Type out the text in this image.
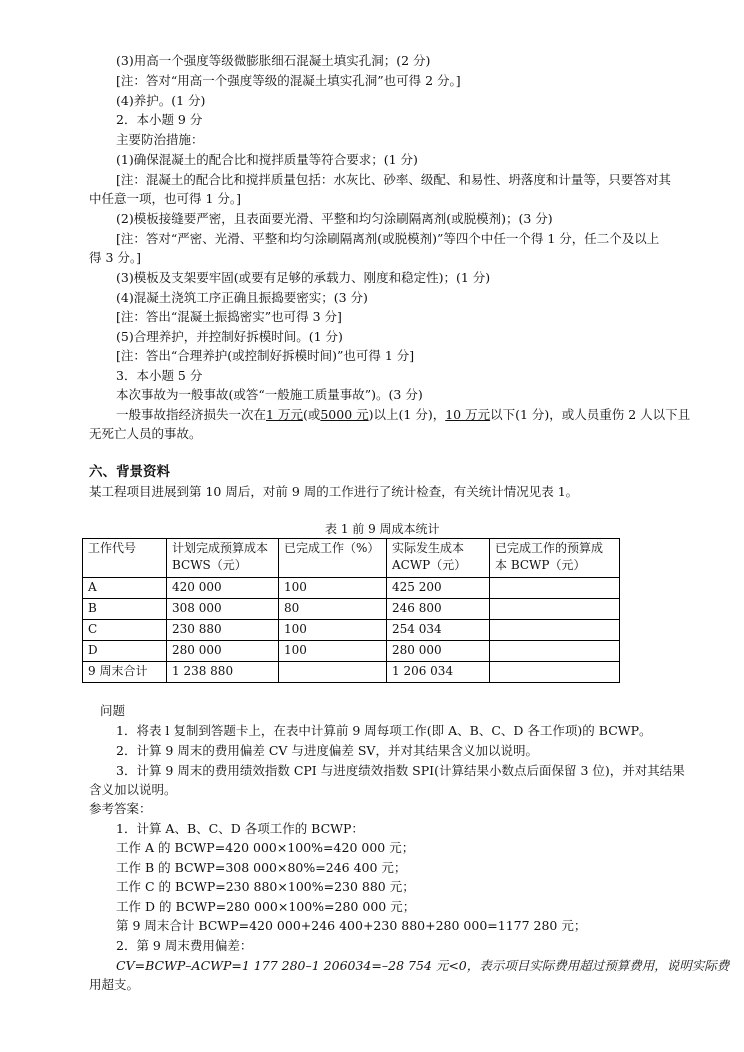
(3)用高一个强度等级微膨胀细石混凝土填实孔洞；(2 分)
[注：答对“用高一个强度等级的混凝土填实孔洞”也可得 2 分。]
(4)养护。(1 分)
2．本小题 9 分
主要防治措施：
(1)确保混凝土的配合比和搅拌质量等符合要求；(1 分)
[注：混凝土的配合比和搅拌质量包括：水灰比、砂率、级配、和易性、坍落度和计量等，只要答对其
中任意一项，也可得 1 分。]
(2)模板接缝要严密，且表面要光滑、平整和均匀涂刷隔离剂(或脱模剂)；(3 分)
[注：答对“严密、光滑、平整和均匀涂刷隔离剂(或脱模剂)”等四个中任一个得 1 分，任二个及以上
得 3 分。]
(3)模板及支架要牢固(或要有足够的承载力、刚度和稳定性)；(1 分)
(4)混凝土浇筑工序正确且振捣要密实；(3 分)
[注：答出“混凝土振捣密实”也可得 3 分]
(5)合理养护，并控制好拆模时间。(1 分)
[注：答出“合理养护(或控制好拆模时间)”也可得 1 分]
3．本小题 5 分
本次事故为一般事故(或答“一般施工质量事故”)。(3 分)
一般事故指经济损失一次在1 万元(或5000 元)以上(1 分)，10 万元以下(1 分)，或人员重伤 2 人以下且
无死亡人员的事故。
六、背景资料
某工程项目进展到第 10 周后，对前 9 周的工作进行了统计检查，有关统计情况见表 1。
表 1 前 9 周成本统计
工作代号	计划完成预算成本 BCWS（元）	已完成工作（%）	实际发生成本 ACWP（元）	已完成工作的预算成本 BCWP（元）
A	420 000	100	425 200	
B	308 000	80	246 800	
C	230 880	100	254 034	
D	280 000	100	280 000	
9 周末合计	1 238 880		1 206 034	
问题
1．将表 l 复制到答题卡上，在表中计算前 9 周每项工作(即 A、B、C、D 各工作项)的 BCWP。
2．计算 9 周末的费用偏差 CV 与进度偏差 SV，并对其结果含义加以说明。
3．计算 9 周末的费用绩效指数 CPI 与进度绩效指数 SPI(计算结果小数点后面保留 3 位)，并对其结果
含义加以说明。
参考答案：
1．计算 A、B、C、D 各项工作的 BCWP：
工作 A 的 BCWP=420 000×100%=420 000 元；
工作 B 的 BCWP=308 000×80%=246 400 元；
工作 C 的 BCWP=230 880×100%=230 880 元；
工作 D 的 BCWP=280 000×100%=280 000 元；
第 9 周末合计 BCWP=420 000+246 400+230 880+280 000=1177 280 元；
2．第 9 周末费用偏差：
CV=BCWP–ACWP=1 177 280–1 206034=–28 754 元<0，表示项目实际费用超过预算费用，说明实际费
用超支。
